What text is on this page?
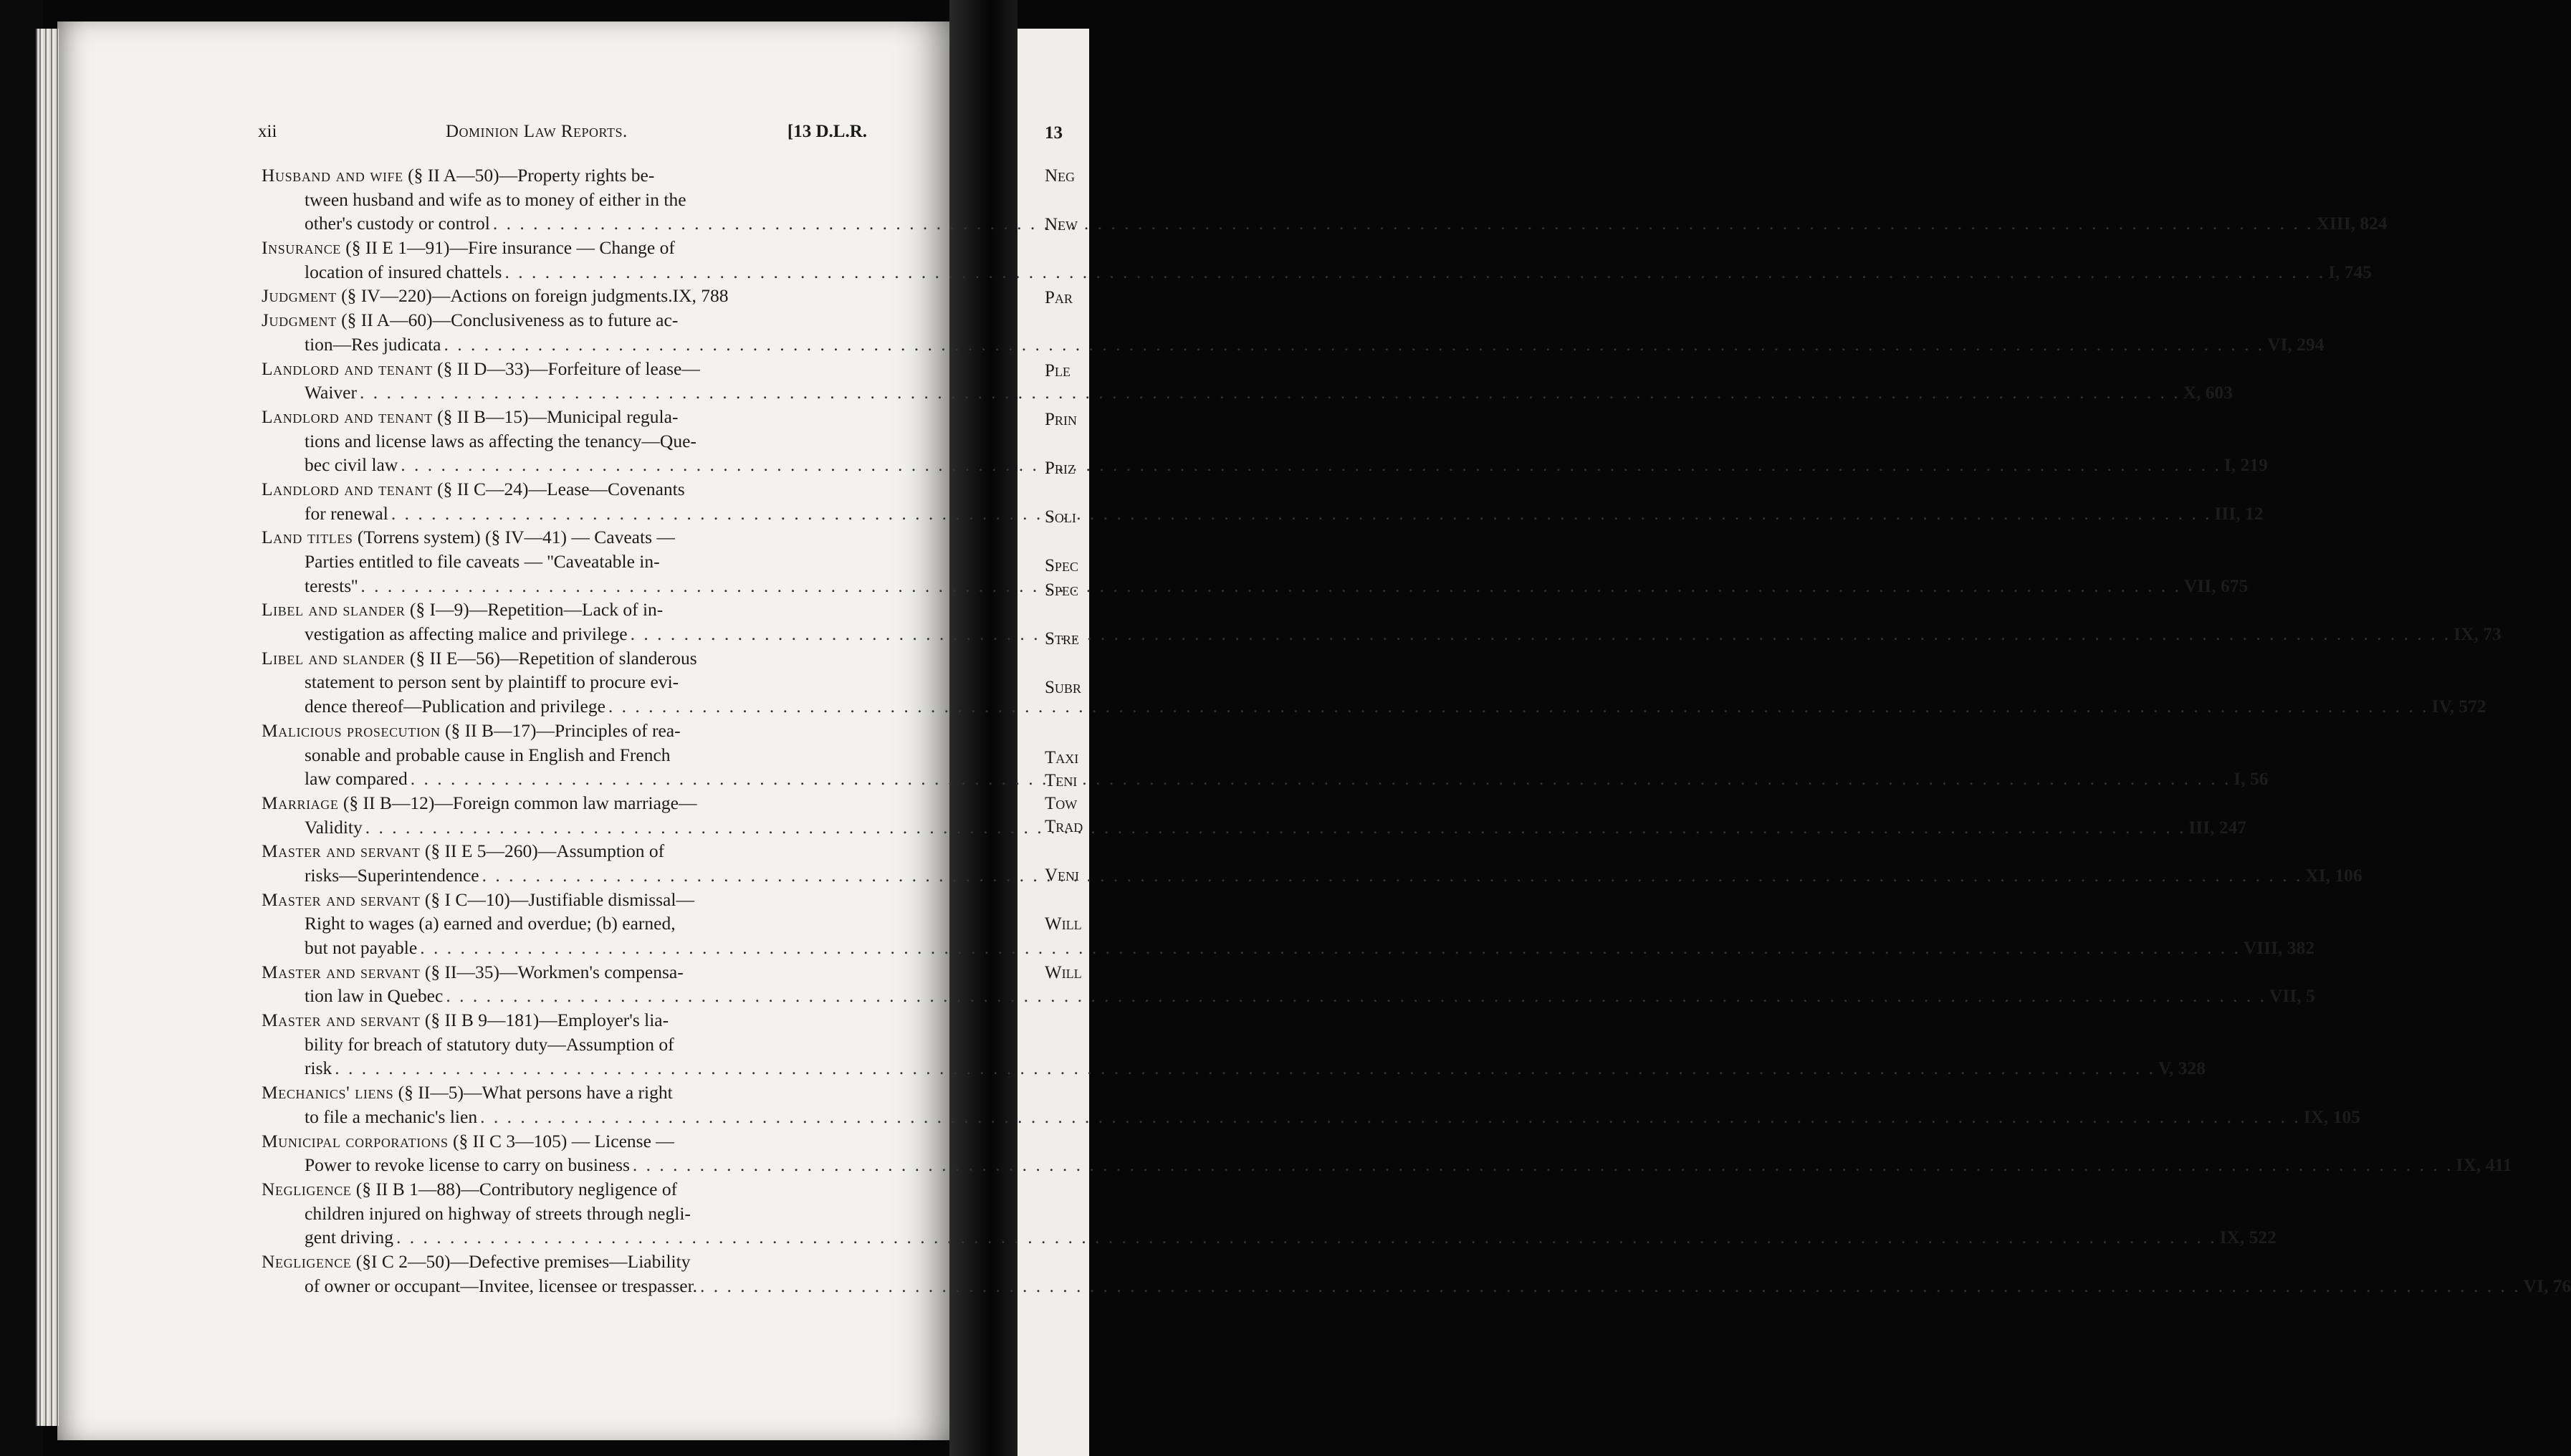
13
Neg
New
Par
Ple
Prin
Priz
Soli
Spec
Spec
Stre
Subr
Taxi
Teni
Tow
Trad
Veni
Will
Will
xii	Dominion Law Reports.	[13 D.L.R.
Husband and wife (§ II A—50)—Property rights be-
tween husband and wife as to money of either in the
other's custody or control . . .	XIII, 824
Insurance (§ II E 1—91)—Fire insurance — Change of
location of insured chattels . . .	I, 745
Judgment (§ IV—220)—Actions on foreign judgments.IX, 788
Judgment (§ II A—60)—Conclusiveness as to future ac-
tion—Res judicata . . .	VI, 294
Landlord and tenant (§ II D—33)—Forfeiture of lease—
Waiver . . .	X, 603
Landlord and tenant (§ II B—15)—Municipal regula-
tions and license laws as affecting the tenancy—Que-
bec civil law . . .	I, 219
Landlord and tenant (§ II C—24)—Lease—Covenants
for renewal . . .	III, 12
Land titles (Torrens system) (§ IV—41) — Caveats —
Parties entitled to file caveats — ''Caveatable in-
terests'' . . .	VII, 675
Libel and slander (§ I—9)—Repetition—Lack of in-
vestigation as affecting malice and privilege . . .	IX, 73
Libel and slander (§ II E—56)—Repetition of slanderous
statement to person sent by plaintiff to procure evi-
dence thereof—Publication and privilege . . .	IV, 572
Malicious prosecution (§ II B—17)—Principles of rea-
sonable and probable cause in English and French
law compared . . .	I, 56
Marriage (§ II B—12)—Foreign common law marriage—
Validity . . .	III, 247
Master and servant (§ II E 5—260)—Assumption of
risks—Superintendence . . .	XI, 106
Master and servant (§ I C—10)—Justifiable dismissal—
Right to wages (a) earned and overdue; (b) earned,
but not payable . . .	VIII, 382
Master and servant (§ II—35)—Workmen's compensa-
tion law in Quebec . . .	VII, 5
Master and servant (§ II B 9—181)—Employer's lia-
bility for breach of statutory duty—Assumption of
risk . . .	V, 328
Mechanics' liens (§ II—5)—What persons have a right
to file a mechanic's lien . . .	IX, 105
Municipal corporations (§ II C 3—105) — License —
Power to revoke license to carry on business . . .	IX, 411
Negligence (§ II B 1—88)—Contributory negligence of
children injured on highway of streets through negli-
gent driving . . .	IX, 522
Negligence (§I C 2—50)—Defective premises—Liability
of owner or occupant—Invitee, licensee or trespasser. . . .	VI, 76
